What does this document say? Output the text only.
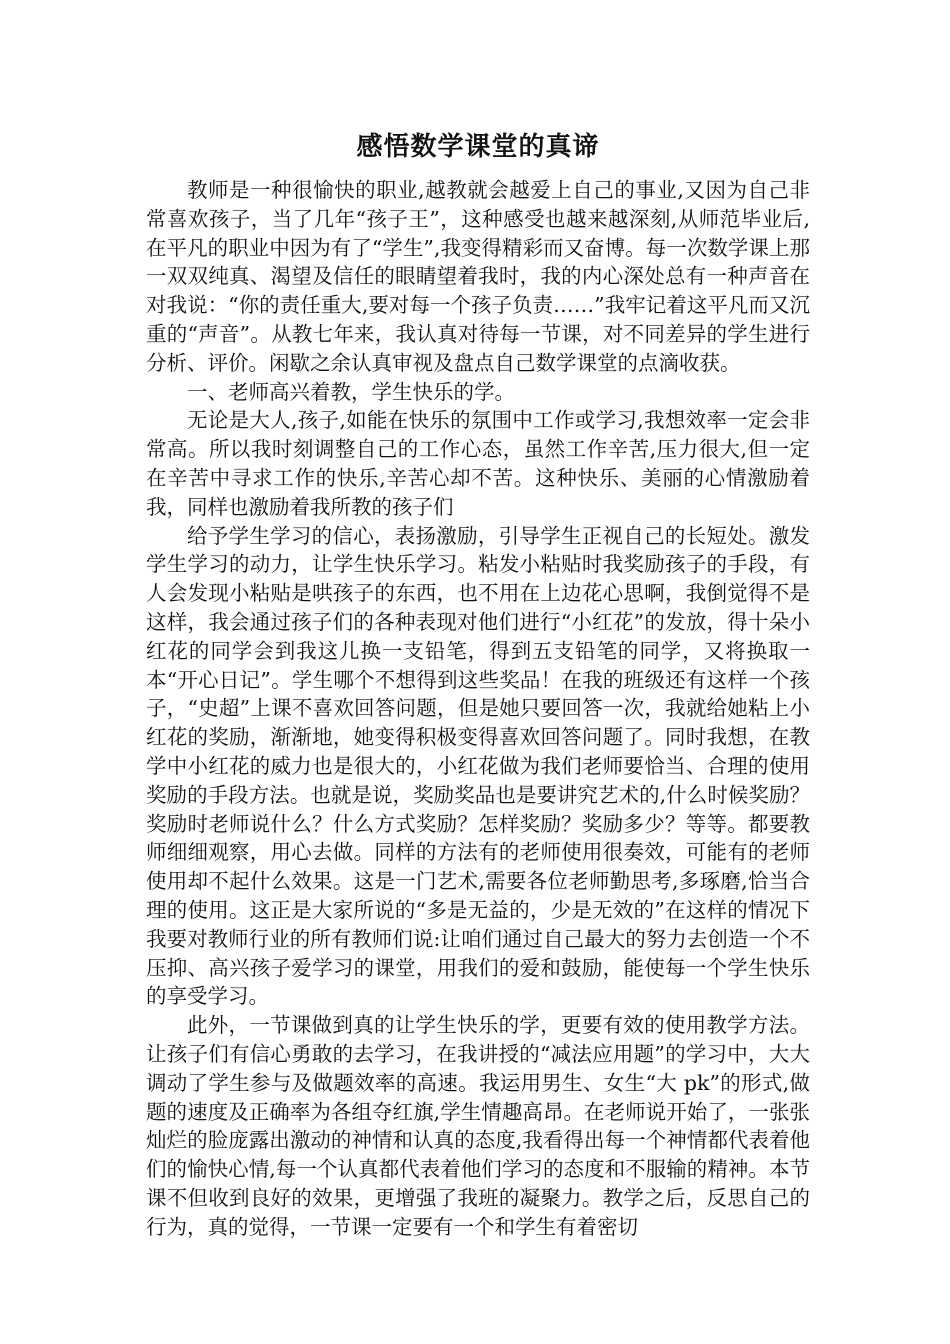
感悟数学课堂的真谛

教师是一种很愉快的职业,越教就会越爱上自己的事业,又因为自己非常喜欢孩子，当了几年“孩子王”，这种感受也越来越深刻,从师范毕业后,在平凡的职业中因为有了“学生”,我变得精彩而又奋博。每一次数学课上那一双双纯真、渴望及信任的眼睛望着我时，我的内心深处总有一种声音在对我说：“你的责任重大,要对每一个孩子负责……”我牢记着这平凡而又沉重的“声音”。从教七年来，我认真对待每一节课，对不同差异的学生进行分析、评价。闲歇之余认真审视及盘点自己数学课堂的点滴收获。

一、老师高兴着教，学生快乐的学。

无论是大人,孩子,如能在快乐的氛围中工作或学习,我想效率一定会非常高。所以我时刻调整自己的工作心态，虽然工作辛苦,压力很大,但一定在辛苦中寻求工作的快乐,辛苦心却不苦。这种快乐、美丽的心情激励着我，同样也激励着我所教的孩子们

给予学生学习的信心，表扬激励，引导学生正视自己的长短处。激发学生学习的动力，让学生快乐学习。粘发小粘贴时我奖励孩子的手段，有人会发现小粘贴是哄孩子的东西，也不用在上边花心思啊，我倒觉得不是这样，我会通过孩子们的各种表现对他们进行“小红花”的发放，得十朵小红花的同学会到我这儿换一支铅笔，得到五支铅笔的同学，又将换取一本“开心日记”。学生哪个不想得到这些奖品！在我的班级还有这样一个孩子，“史超”上课不喜欢回答问题，但是她只要回答一次，我就给她粘上小红花的奖励，渐渐地，她变得积极变得喜欢回答问题了。同时我想，在教学中小红花的威力也是很大的，小红花做为我们老师要恰当、合理的使用奖励的手段方法。也就是说，奖励奖品也是要讲究艺术的,什么时候奖励？奖励时老师说什么？什么方式奖励？怎样奖励？奖励多少？等等。都要教师细细观察，用心去做。同样的方法有的老师使用很奏效，可能有的老师使用却不起什么效果。这是一门艺术,需要各位老师勤思考,多琢磨,恰当合理的使用。这正是大家所说的“多是无益的，少是无效的”在这样的情况下我要对教师行业的所有教师们说:让咱们通过自己最大的努力去创造一个不压抑、高兴孩子爱学习的课堂，用我们的爱和鼓励，能使每一个学生快乐的享受学习。

此外，一节课做到真的让学生快乐的学，更要有效的使用教学方法。让孩子们有信心勇敢的去学习，在我讲授的“减法应用题”的学习中，大大调动了学生参与及做题效率的高速。我运用男生、女生“大 pk”的形式,做题的速度及正确率为各组夺红旗,学生情趣高昂。在老师说开始了，一张张灿烂的脸庞露出激动的神情和认真的态度,我看得出每一个神情都代表着他们的愉快心情,每一个认真都代表着他们学习的态度和不服输的精神。本节课不但收到良好的效果，更增强了我班的凝聚力。教学之后，反思自己的行为，真的觉得，一节课一定要有一个和学生有着密切
